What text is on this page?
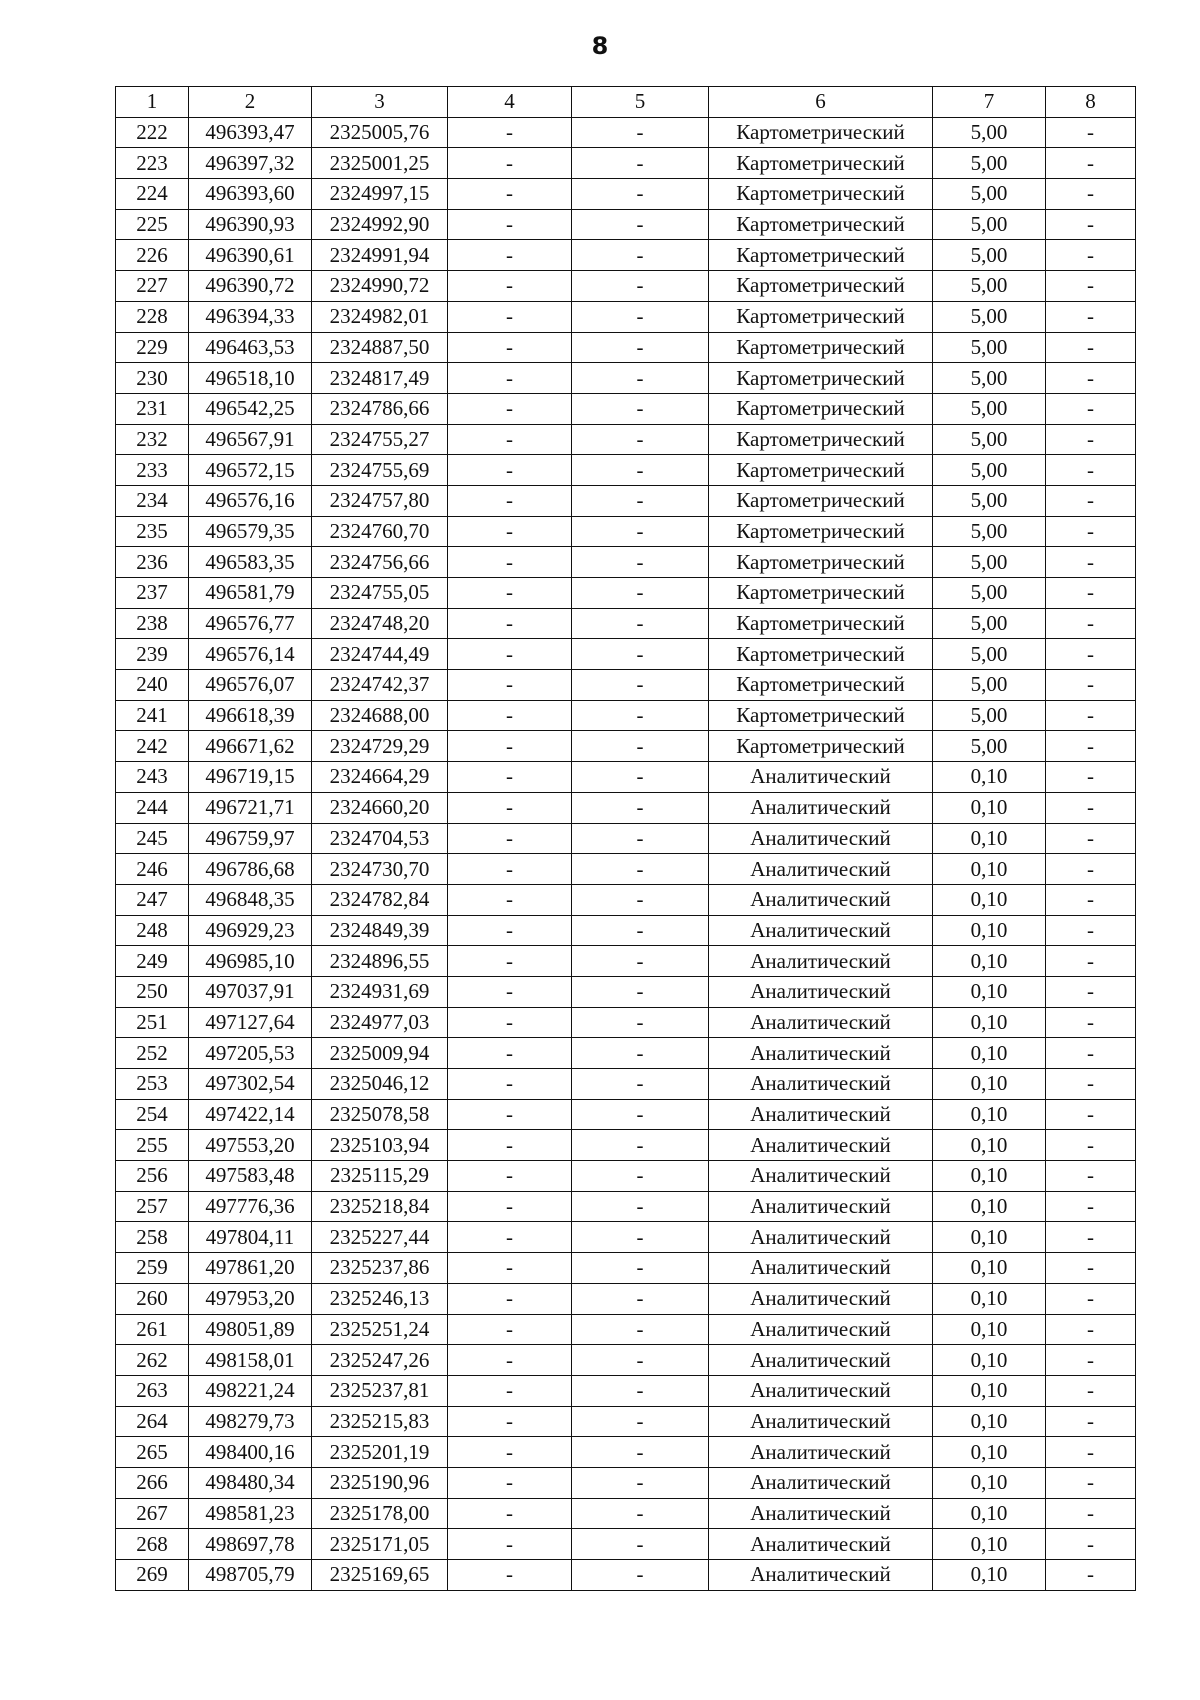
8
1	2	3	4	5	6	7	8
222	496393,47	2325005,76	-	-	Картометрический	5,00	-
223	496397,32	2325001,25	-	-	Картометрический	5,00	-
224	496393,60	2324997,15	-	-	Картометрический	5,00	-
225	496390,93	2324992,90	-	-	Картометрический	5,00	-
226	496390,61	2324991,94	-	-	Картометрический	5,00	-
227	496390,72	2324990,72	-	-	Картометрический	5,00	-
228	496394,33	2324982,01	-	-	Картометрический	5,00	-
229	496463,53	2324887,50	-	-	Картометрический	5,00	-
230	496518,10	2324817,49	-	-	Картометрический	5,00	-
231	496542,25	2324786,66	-	-	Картометрический	5,00	-
232	496567,91	2324755,27	-	-	Картометрический	5,00	-
233	496572,15	2324755,69	-	-	Картометрический	5,00	-
234	496576,16	2324757,80	-	-	Картометрический	5,00	-
235	496579,35	2324760,70	-	-	Картометрический	5,00	-
236	496583,35	2324756,66	-	-	Картометрический	5,00	-
237	496581,79	2324755,05	-	-	Картометрический	5,00	-
238	496576,77	2324748,20	-	-	Картометрический	5,00	-
239	496576,14	2324744,49	-	-	Картометрический	5,00	-
240	496576,07	2324742,37	-	-	Картометрический	5,00	-
241	496618,39	2324688,00	-	-	Картометрический	5,00	-
242	496671,62	2324729,29	-	-	Картометрический	5,00	-
243	496719,15	2324664,29	-	-	Аналитический	0,10	-
244	496721,71	2324660,20	-	-	Аналитический	0,10	-
245	496759,97	2324704,53	-	-	Аналитический	0,10	-
246	496786,68	2324730,70	-	-	Аналитический	0,10	-
247	496848,35	2324782,84	-	-	Аналитический	0,10	-
248	496929,23	2324849,39	-	-	Аналитический	0,10	-
249	496985,10	2324896,55	-	-	Аналитический	0,10	-
250	497037,91	2324931,69	-	-	Аналитический	0,10	-
251	497127,64	2324977,03	-	-	Аналитический	0,10	-
252	497205,53	2325009,94	-	-	Аналитический	0,10	-
253	497302,54	2325046,12	-	-	Аналитический	0,10	-
254	497422,14	2325078,58	-	-	Аналитический	0,10	-
255	497553,20	2325103,94	-	-	Аналитический	0,10	-
256	497583,48	2325115,29	-	-	Аналитический	0,10	-
257	497776,36	2325218,84	-	-	Аналитический	0,10	-
258	497804,11	2325227,44	-	-	Аналитический	0,10	-
259	497861,20	2325237,86	-	-	Аналитический	0,10	-
260	497953,20	2325246,13	-	-	Аналитический	0,10	-
261	498051,89	2325251,24	-	-	Аналитический	0,10	-
262	498158,01	2325247,26	-	-	Аналитический	0,10	-
263	498221,24	2325237,81	-	-	Аналитический	0,10	-
264	498279,73	2325215,83	-	-	Аналитический	0,10	-
265	498400,16	2325201,19	-	-	Аналитический	0,10	-
266	498480,34	2325190,96	-	-	Аналитический	0,10	-
267	498581,23	2325178,00	-	-	Аналитический	0,10	-
268	498697,78	2325171,05	-	-	Аналитический	0,10	-
269	498705,79	2325169,65	-	-	Аналитический	0,10	-
